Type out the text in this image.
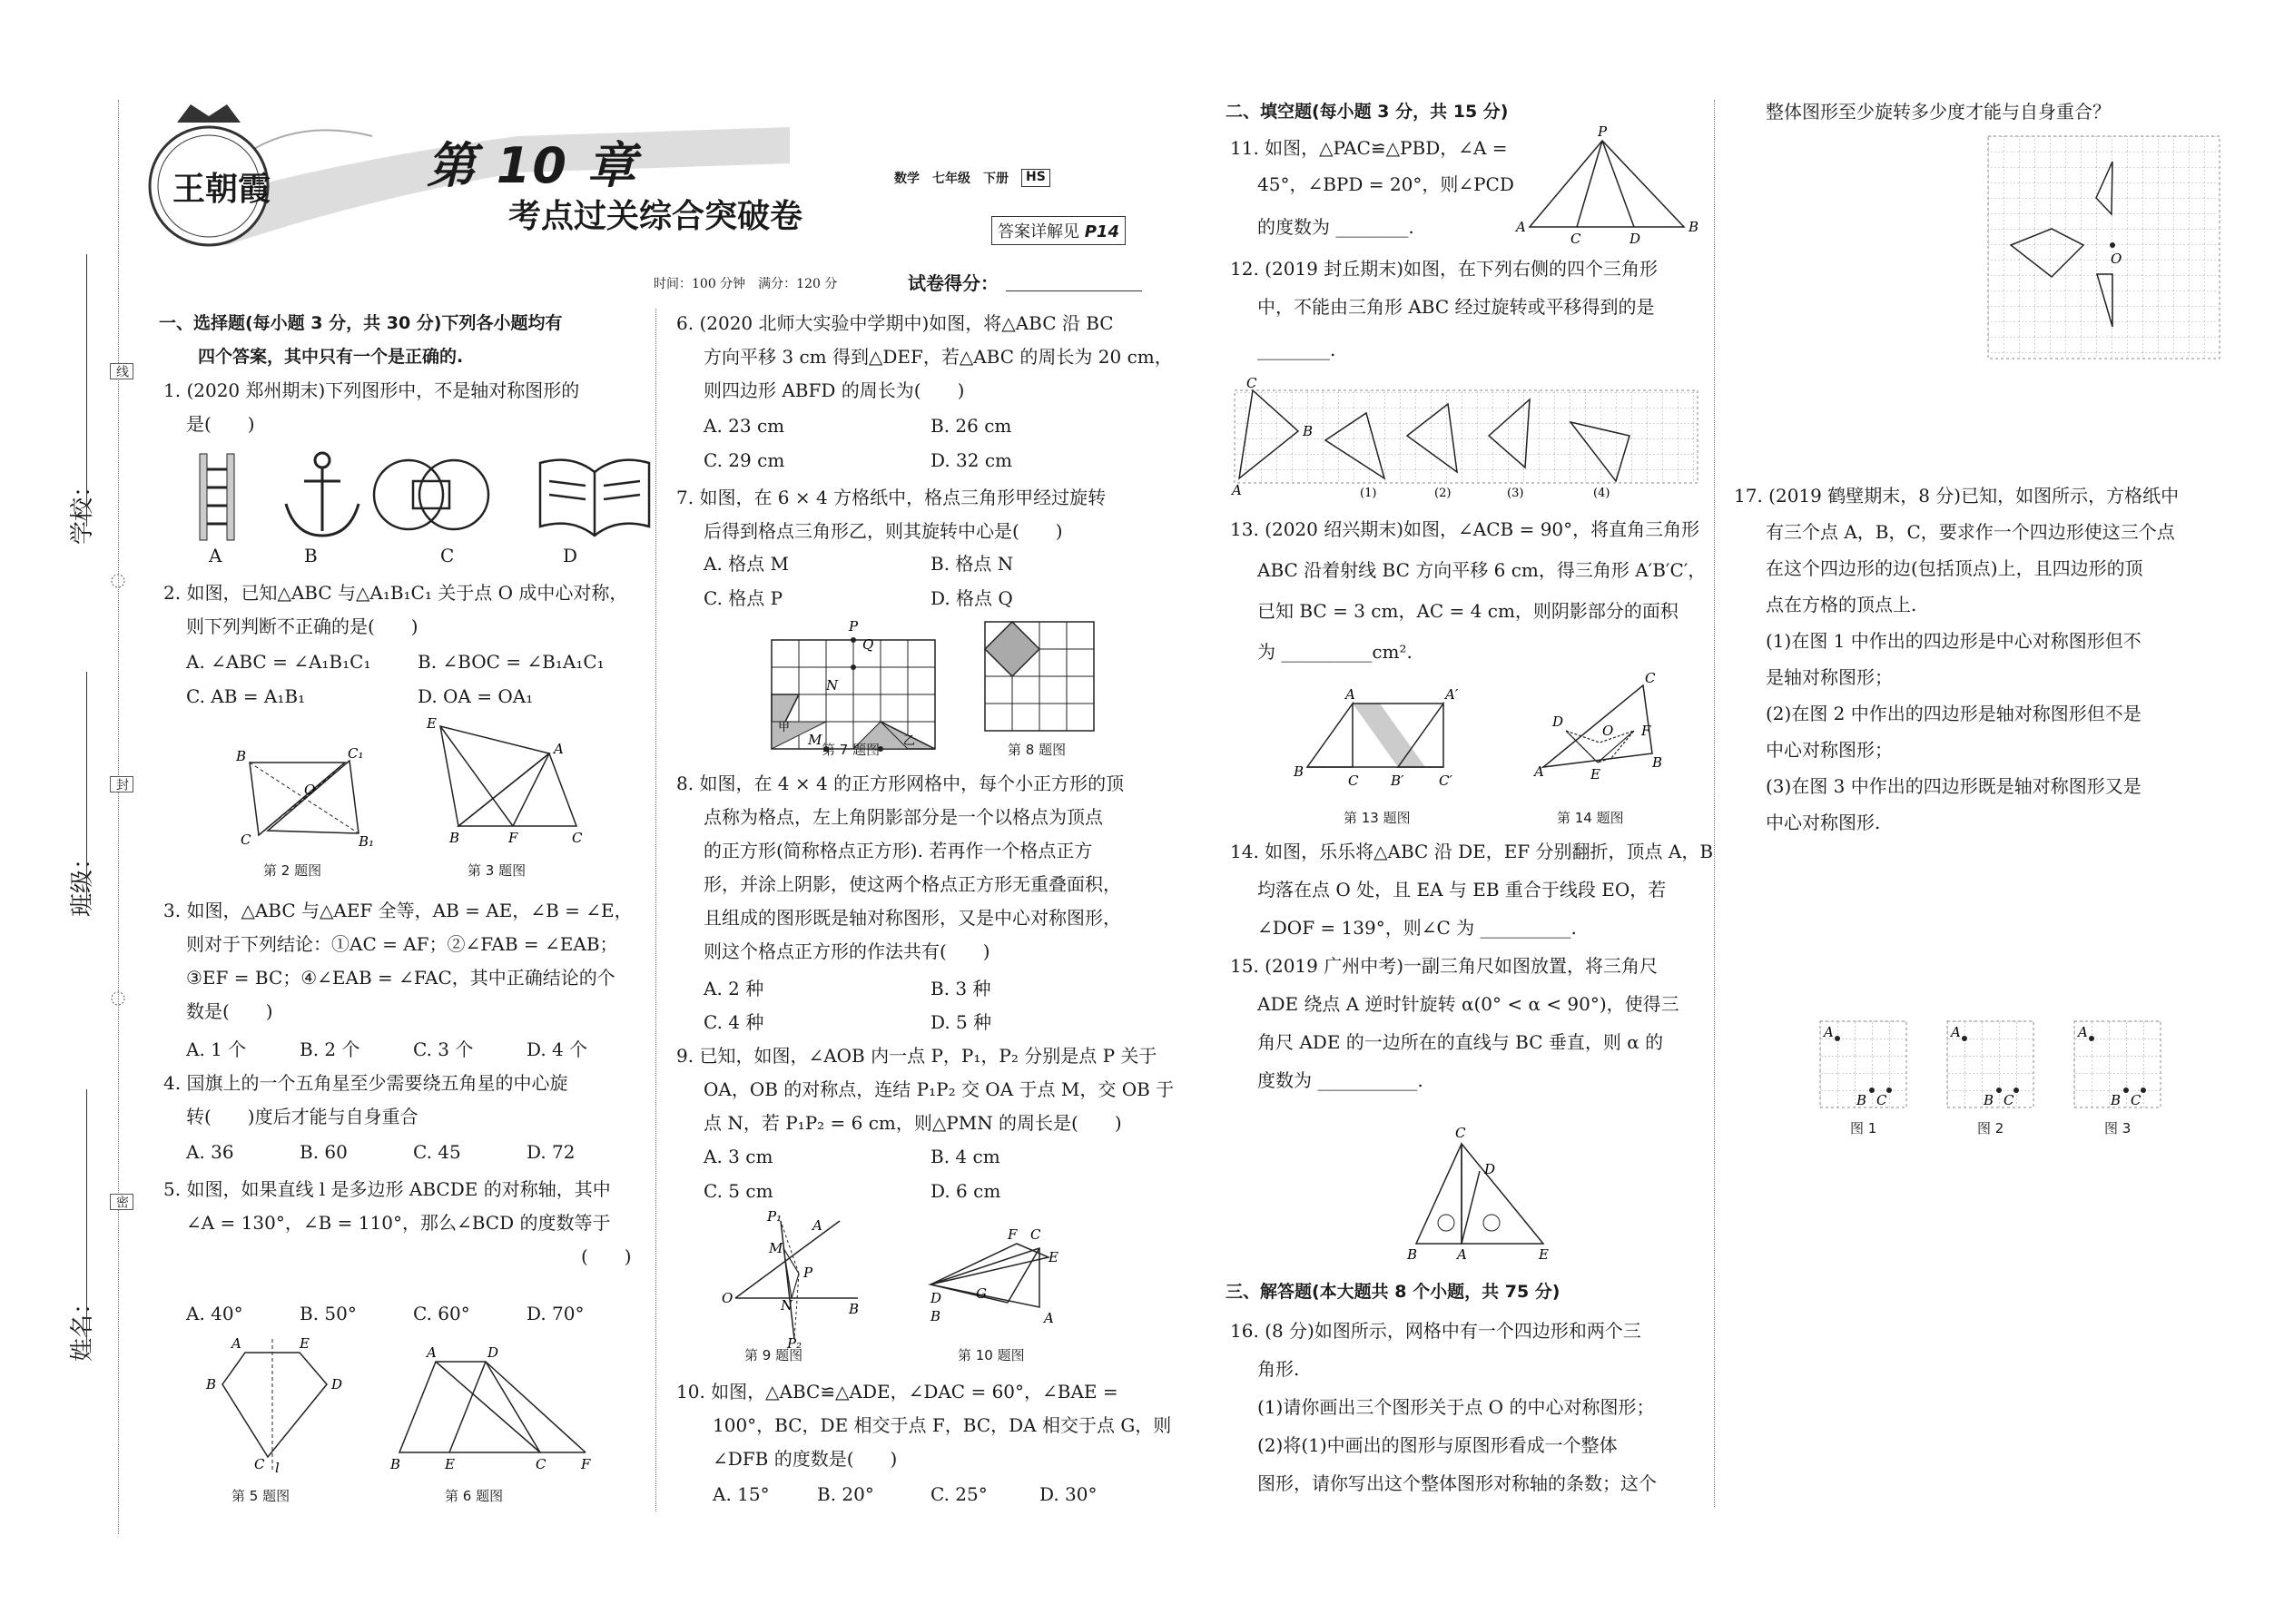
学校：
班级：
姓名：
线
封
密
王朝霞	第 10 章
考点过关综合突破卷
数学 七年级 下册	HS
答案详解见 P14
时间：100 分钟　满分：120 分	试卷得分：
一、选择题(每小题 3 分，共 30 分)下列各小题均有
四个答案，其中只有一个是正确的.
1. (2020 郑州期末)下列图形中，不是轴对称图形的
是(　　)
A	B	C	D
2. 如图，已知△ABC 与△A₁B₁C₁ 关于点 O 成中心对称，
则下列判断不正确的是(　　)
A. ∠ABC = ∠A₁B₁C₁	B. ∠BOC = ∠B₁A₁C₁
C. AB = A₁B₁	D. OA = OA₁
B	C₁
O
C	B₁
E
A
B	F	C
第 2 题图	第 3 题图
3. 如图，△ABC 与△AEF 全等，AB = AE，∠B = ∠E，
则对于下列结论：①AC = AF；②∠FAB = ∠EAB；
③EF = BC；④∠EAB = ∠FAC，其中正确结论的个
数是(　　)
A. 1 个	B. 2 个	C. 3 个	D. 4 个
4. 国旗上的一个五角星至少需要绕五角星的中心旋
转(　　)度后才能与自身重合
A. 36	B. 60	C. 45	D. 72
5. 如图，如果直线 l 是多边形 ABCDE 的对称轴，其中
∠A = 130°，∠B = 110°，那么∠BCD 的度数等于
(　　)
A. 40°	B. 50°	C. 60°	D. 70°
A	E
B	D
C l
A	D
B	E	C	F
第 5 题图	第 6 题图
6. (2020 北师大实验中学期中)如图，将△ABC 沿 BC
方向平移 3 cm 得到△DEF，若△ABC 的周长为 20 cm，
则四边形 ABFD 的周长为(　　)
A. 23 cm	B. 26 cm
C. 29 cm	D. 32 cm
7. 如图，在 6 × 4 方格纸中，格点三角形甲经过旋转
后得到格点三角形乙，则其旋转中心是(　　)
A. 格点 M	B. 格点 N
C. 格点 P	D. 格点 Q
P
Q
N
M
甲
乙
第 7 题图	第 8 题图
8. 如图，在 4 × 4 的正方形网格中，每个小正方形的顶
点称为格点，左上角阴影部分是一个以格点为顶点
的正方形(简称格点正方形). 若再作一个格点正方
形，并涂上阴影，使这两个格点正方形无重叠面积，
且组成的图形既是轴对称图形，又是中心对称图形，
则这个格点正方形的作法共有(　　)
A. 2 种	B. 3 种
C. 4 种	D. 5 种
9. 已知，如图，∠AOB 内一点 P，P₁，P₂ 分别是点 P 关于
OA，OB 的对称点，连结 P₁P₂ 交 OA 于点 M，交 OB 于
点 N，若 P₁P₂ = 6 cm，则△PMN 的周长是(　　)
A. 3 cm	B. 4 cm
C. 5 cm	D. 6 cm
P₁
A
M
P
O	N	B
P₂
D
F C
E
G
B	A
第 9 题图	第 10 题图
10. 如图，△ABC≌△ADE，∠DAC = 60°，∠BAE =
100°，BC，DE 相交于点 F，BC，DA 相交于点 G，则
∠DFB 的度数是(　　)
A. 15°	B. 20°	C. 25°	D. 30°
二、填空题(每小题 3 分，共 15 分)
11. 如图，△PAC≌△PBD，∠A =
45°，∠BPD = 20°，则∠PCD
的度数为 ________.
P
A
C	D
B
12. (2019 封丘期末)如图，在下列右侧的四个三角形
中，不能由三角形 ABC 经过旋转或平移得到的是
________.
C
B
A	(1)	(2)	(3)	(4)
13. (2020 绍兴期末)如图，∠ACB = 90°，将直角三角形
ABC 沿着射线 BC 方向平移 6 cm，得三角形 A′B′C′，
已知 BC = 3 cm，AC = 4 cm，则阴影部分的面积
为 __________cm².
A	A′
B
C B′	C′
C
D
O F
A	E
B
第 13 题图	第 14 题图
14. 如图，乐乐将△ABC 沿 DE，EF 分别翻折，顶点 A，B
均落在点 O 处，且 EA 与 EB 重合于线段 EO，若
∠DOF = 139°，则∠C 为 __________.
15. (2019 广州中考)一副三角尺如图放置，将三角尺
ADE 绕点 A 逆时针旋转 α(0° < α < 90°)，使得三
角尺 ADE 的一边所在的直线与 BC 垂直，则 α 的
度数为 ___________.
C
D
B	A	E
三、解答题(本大题共 8 个小题，共 75 分)
16. (8 分)如图所示，网格中有一个四边形和两个三
角形.
(1)请你画出三个图形关于点 O 的中心对称图形；
(2)将(1)中画出的图形与原图形看成一个整体
图形，请你写出这个整体图形对称轴的条数；这个
整体图形至少旋转多少度才能与自身重合？
O
17. (2019 鹤壁期末，8 分)已知，如图所示，方格纸中
有三个点 A，B，C，要求作一个四边形使这三个点
在这个四边形的边(包括顶点)上，且四边形的顶
点在方格的顶点上.
(1)在图 1 中作出的四边形是中心对称图形但不
是轴对称图形；
(2)在图 2 中作出的四边形是轴对称图形但不是
中心对称图形；
(3)在图 3 中作出的四边形既是轴对称图形又是
中心对称图形.
A
B C
A
B C
A
B C
图 1	图 2	图 3
